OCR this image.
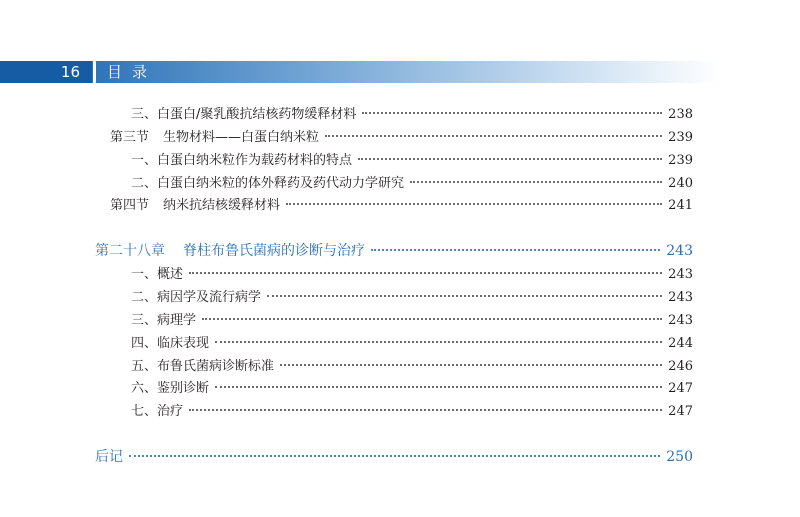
16	目录
三、白蛋白/聚乳酸抗结核药物缓释材料	238
第三节 生物材料——白蛋白纳米粒	239
一、白蛋白纳米粒作为载药材料的特点	239
二、白蛋白纳米粒的体外释药及药代动力学研究	240
第四节 纳米抗结核缓释材料	241
第二十八章 脊柱布鲁氏菌病的诊断与治疗	243
一、概述	243
二、病因学及流行病学	243
三、病理学	243
四、临床表现	244
五、布鲁氏菌病诊断标准	246
六、鉴别诊断	247
七、治疗	247
后记	250
